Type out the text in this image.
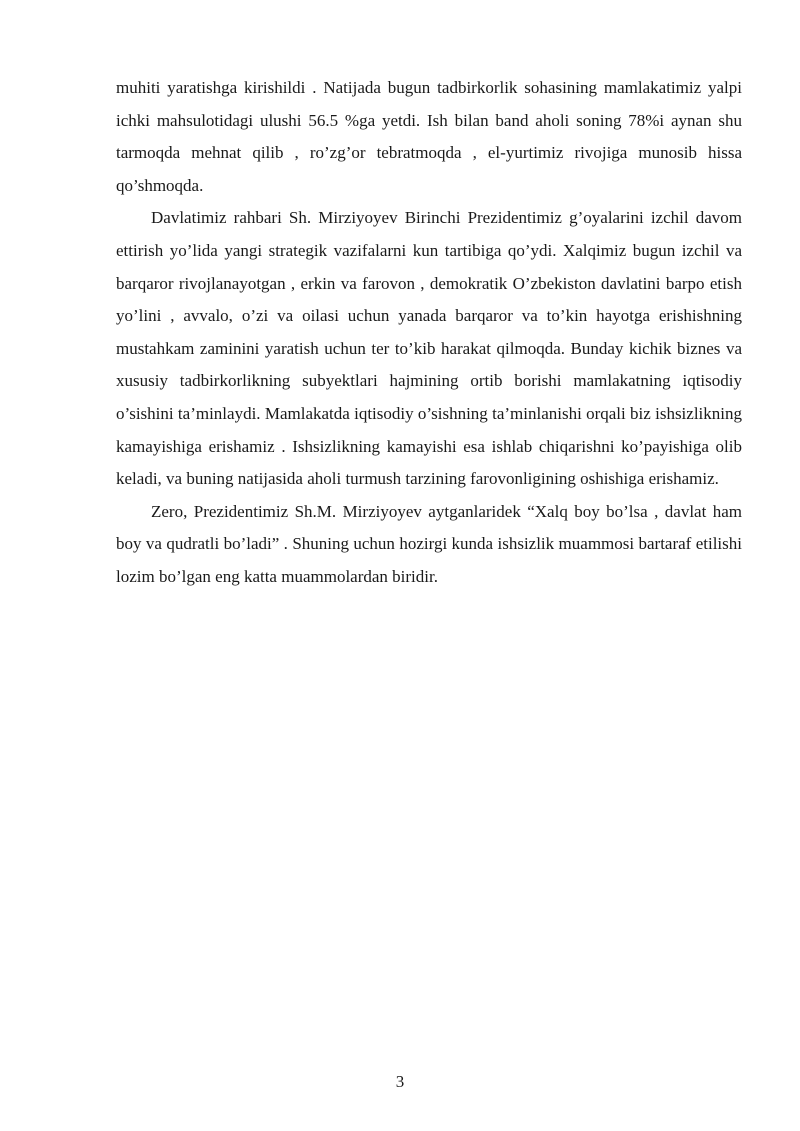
muhiti yaratishga kirishildi . Natijada bugun tadbirkorlik sohasining mamlakatimiz yalpi ichki mahsulotidagi ulushi 56.5 %ga yetdi. Ish bilan band aholi soning 78%i aynan shu tarmoqda mehnat qilib , ro’zg’or tebratmoqda , el-yurtimiz rivojiga munosib hissa qo’shmoqda.

Davlatimiz rahbari Sh. Mirziyoyev Birinchi Prezidentimiz g’oyalarini izchil davom ettirish yo’lida yangi strategik vazifalarni kun tartibiga qo’ydi. Xalqimiz bugun izchil va barqaror rivojlanayotgan , erkin va farovon , demokratik O’zbekiston davlatini barpo etish yo’lini , avvalo, o’zi va oilasi uchun yanada barqaror va to’kin hayotga erishishning mustahkam zaminini yaratish uchun ter to’kib harakat qilmoqda. Bunday kichik biznes va xususiy tadbirkorlikning subyektlari hajmining ortib borishi mamlakatning iqtisodiy o’sishini ta’minlaydi. Mamlakatda iqtisodiy o’sishning ta’minlanishi orqali biz ishsizlikning kamayishiga erishamiz . Ishsizlikning kamayishi esa ishlab chiqarishni ko’payishiga olib keladi, va buning natijasida aholi turmush tarzining farovonligining oshishiga erishamiz.

Zero, Prezidentimiz Sh.M. Mirziyoyev aytganlaridek “Xalq boy bo’lsa , davlat ham boy va qudratli bo’ladi” . Shuning uchun hozirgi kunda ishsizlik muammosi bartaraf etilishi lozim bo’lgan eng katta muammolardan biridir.

3
